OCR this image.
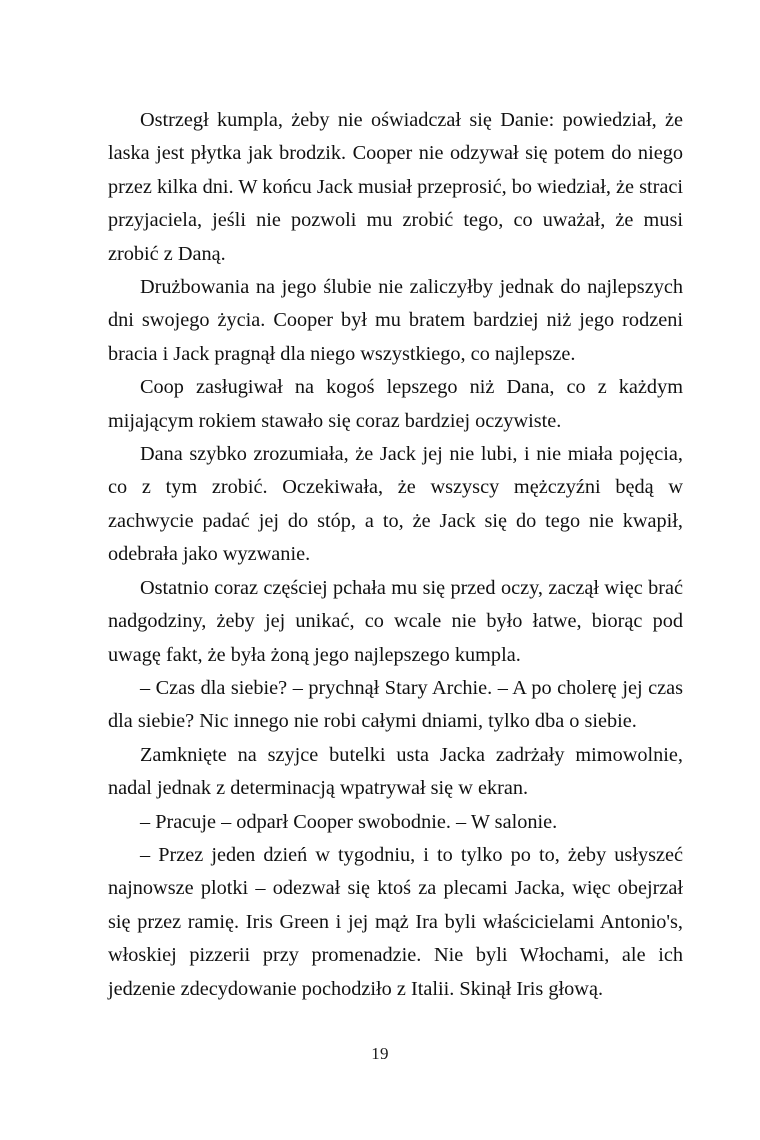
Ostrzegł kumpla, żeby nie oświadczał się Danie: powiedział, że laska jest płytka jak brodzik. Cooper nie odzywał się potem do niego przez kilka dni. W końcu Jack musiał przeprosić, bo wiedział, że straci przyjaciela, jeśli nie pozwoli mu zrobić tego, co uważał, że musi zrobić z Daną.

Drużbowania na jego ślubie nie zaliczyłby jednak do najlepszych dni swojego życia. Cooper był mu bratem bardziej niż jego rodzeni bracia i Jack pragnął dla niego wszystkiego, co najlepsze.

Coop zasługiwał na kogoś lepszego niż Dana, co z każdym mijającym rokiem stawało się coraz bardziej oczywiste.

Dana szybko zrozumiała, że Jack jej nie lubi, i nie miała pojęcia, co z tym zrobić. Oczekiwała, że wszyscy mężczyźni będą w zachwycie padać jej do stóp, a to, że Jack się do tego nie kwapił, odebrała jako wyzwanie.

Ostatnio coraz częściej pchała mu się przed oczy, zaczął więc brać nadgodziny, żeby jej unikać, co wcale nie było łatwe, biorąc pod uwagę fakt, że była żoną jego najlepszego kumpla.

– Czas dla siebie? – prychnął Stary Archie. – A po cholerę jej czas dla siebie? Nic innego nie robi całymi dniami, tylko dba o siebie.

Zamknięte na szyjce butelki usta Jacka zadrżały mimowolnie, nadal jednak z determinacją wpatrywał się w ekran.

– Pracuje – odparł Cooper swobodnie. – W salonie.

– Przez jeden dzień w tygodniu, i to tylko po to, żeby usłyszeć najnowsze plotki – odezwał się ktoś za plecami Jacka, więc obejrzał się przez ramię. Iris Green i jej mąż Ira byli właścicielami Antonio's, włoskiej pizzerii przy promenadzie. Nie byli Włochami, ale ich jedzenie zdecydowanie pochodziło z Italii. Skinął Iris głową.

19
